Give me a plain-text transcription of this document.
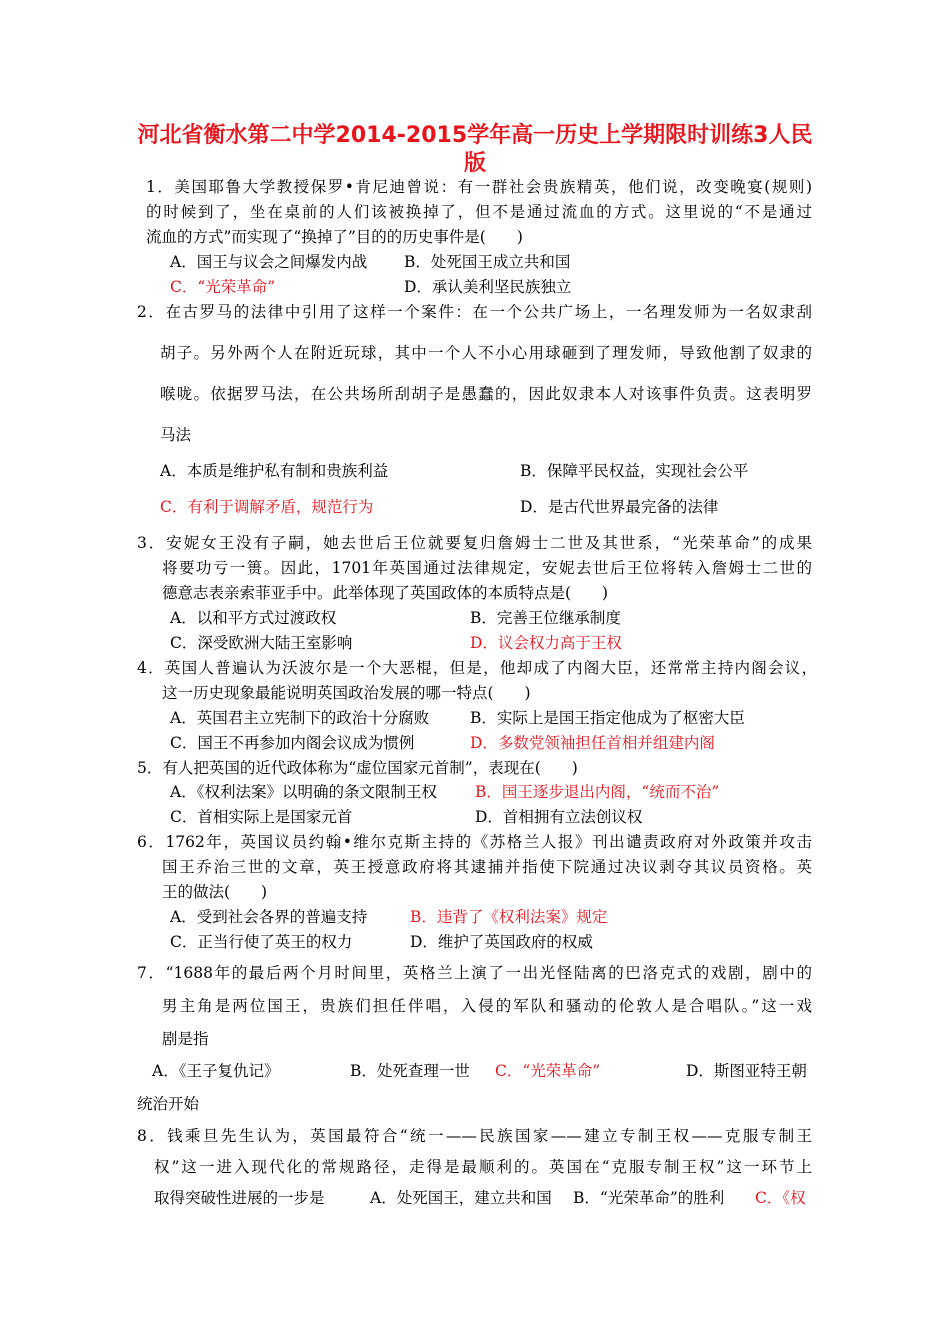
河北省衡水第二中学2014-2015学年高一历史上学期限时训练3人民
版
1．美国耶鲁大学教授保罗•肯尼迪曾说：有一群社会贵族精英，他们说，改变晚宴(规则)
的时候到了，坐在桌前的人们该被换掉了，但不是通过流血的方式。这里说的“不是通过
流血的方式”而实现了“换掉了”目的的历史事件是(　　)
A．国王与议会之间爆发内战 B．处死国王成立共和国
C．“光荣革命”	D．承认美利坚民族独立
2．在古罗马的法律中引用了这样一个案件：在一个公共广场上，一名理发师为一名奴隶刮
胡子。另外两个人在附近玩球，其中一个人不小心用球砸到了理发师，导致他割了奴隶的
喉咙。依据罗马法，在公共场所刮胡子是愚蠢的，因此奴隶本人对该事件负责。这表明罗
马法
A．本质是维护私有制和贵族利益	B．保障平民权益，实现社会公平
C．有利于调解矛盾，规范行为	D．是古代世界最完备的法律
3．安妮女王没有子嗣，她去世后王位就要复归詹姆士二世及其世系，“光荣革命”的成果
将要功亏一篑。因此，1701年英国通过法律规定，安妮去世后王位将转入詹姆士二世的
德意志表亲索菲亚手中。此举体现了英国政体的本质特点是(　　)
A．以和平方式过渡政权	B．完善王位继承制度
C．深受欧洲大陆王室影响	D．议会权力高于王权
4．英国人普遍认为沃波尔是一个大恶棍，但是，他却成了内阁大臣，还常常主持内阁会议，
这一历史现象最能说明英国政治发展的哪一特点(　　)
A．英国君主立宪制下的政治十分腐败	B．实际上是国王指定他成为了枢密大臣
C．国王不再参加内阁会议成为惯例	D．多数党领袖担任首相并组建内阁
5．有人把英国的近代政体称为“虚位国家元首制”，表现在(　　)
A．《权利法案》以明确的条文限制王权 B．国王逐步退出内阁，“统而不治”
C．首相实际上是国家元首	D．首相拥有立法创议权
6．1762年，英国议员约翰•维尔克斯主持的《苏格兰人报》刊出谴责政府对外政策并攻击
国王乔治三世的文章，英王授意政府将其逮捕并指使下院通过决议剥夺其议员资格。英
王的做法(　　)
A．受到社会各界的普遍支持	B．违背了《权利法案》规定
C．正当行使了英王的权力	D．维护了英国政府的权威
7．“1688年的最后两个月时间里，英格兰上演了一出光怪陆离的巴洛克式的戏剧，剧中的
男主角是两位国王，贵族们担任伴唱，入侵的军队和骚动的伦敦人是合唱队。”这一戏
剧是指
A．《王子复仇记》	B．处死查理一世 C．“光荣革命”	D．斯图亚特王朝
统治开始
8．钱乘旦先生认为，英国最符合“统一——民族国家——建立专制王权——克服专制王
权”这一进入现代化的常规路径，走得是最顺利的。英国在“克服专制王权”这一环节上
取得突破性进展的一步是	A．处死国王，建立共和国 B．“光荣革命”的胜利 C．《权
